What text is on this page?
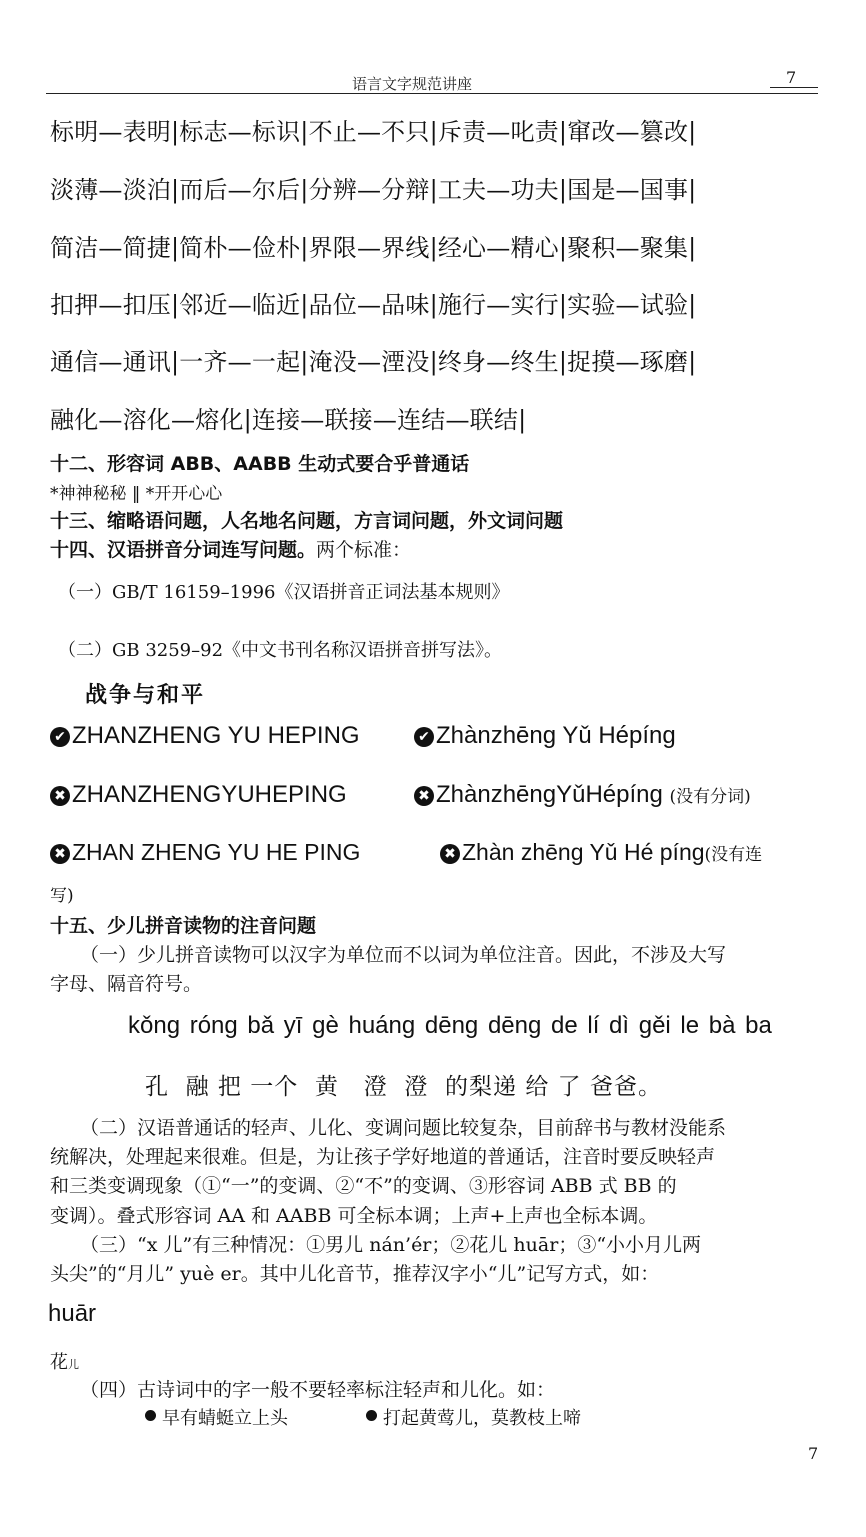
语言文字规范讲座	7
标明—表明|标志—标识|不止—不只|斥责—叱责|窜改—篡改|
淡薄—淡泊|而后—尔后|分辨—分辩|工夫—功夫|国是—国事|
简洁—简捷|简朴—俭朴|界限—界线|经心—精心|聚积—聚集|
扣押—扣压|邻近—临近|品位—品味|施行—实行|实验—试验|
通信—通讯|一齐—一起|淹没—湮没|终身—终生|捉摸—琢磨|
融化—溶化—熔化|连接—联接—连结—联结|
十二、形容词 ABB、AABB 生动式要合乎普通话
*神神秘秘 ‖ *开开心心
十三、缩略语问题，人名地名问题，方言词问题，外文词问题
十四、汉语拼音分词连写问题。两个标准：
（一）GB/T 16159–1996《汉语拼音正词法基本规则》
（二）GB 3259–92《中文书刊名称汉语拼音拼写法》。
战争与和平
✔ ZHANZHENG YU HEPING	✔ Zhànzhēng Yǔ Hépíng
✖ ZHANZHENGYUHEPING	✖ ZhànzhēngYǔHépíng (没有分词)
✖ ZHAN ZHENG YU HE PING	✖ Zhàn zhēng Yǔ Hé píng(没有连
写)
十五、少儿拼音读物的注音问题
（一）少儿拼音读物可以汉字为单位而不以词为单位注音。因此，不涉及大写
字母、隔音符号。
kǒng róng bǎ yī gè huáng dēng dēng de lí dì gěi le bà ba
孔  融 把 一个  黄   澄  澄  的梨递 给 了 爸爸。
（二）汉语普通话的轻声、儿化、变调问题比较复杂，目前辞书与教材没能系
统解决，处理起来很难。但是，为让孩子学好地道的普通话，注音时要反映轻声
和三类变调现象（①“一”的变调、②“不”的变调、③形容词 ABB 式 BB 的
变调）。叠式形容词 AA 和 AABB 可全标本调；上声+上声也全标本调。
（三）“x 儿”有三种情况：①男儿 nán’ér；②花儿 huār；③“小小月儿两
头尖”的“月儿” yuè er。其中儿化音节，推荐汉字小“儿”记写方式，如：
huār
花儿
（四）古诗词中的字一般不要轻率标注轻声和儿化。如：
早有蜻蜓立上头	打起黄莺儿，莫教枝上啼
7
